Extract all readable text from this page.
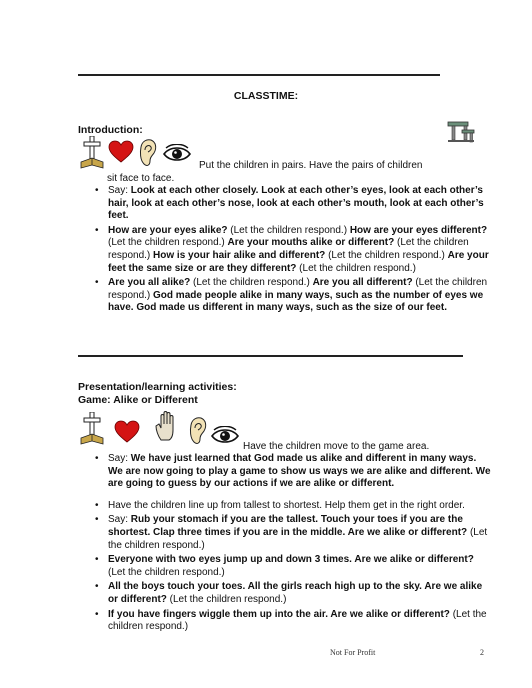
CLASSTIME:
Introduction:
Put the children in pairs. Have the pairs of children
sit face to face.
• Say: Look at each other closely. Look at each other’s eyes, look at each other’s hair, look at each other’s nose, look at each other’s mouth, look at each other’s feet.
• How are your eyes alike? (Let the children respond.) How are your eyes different? (Let the children respond.) Are your mouths alike or different? (Let the children respond.) How is your hair alike and different? (Let the children respond.) Are your feet the same size or are they different? (Let the children respond.)
• Are you all alike? (Let the children respond.) Are you all different? (Let the children respond.) God made people alike in many ways, such as the number of eyes we have. God made us different in many ways, such as the size of our feet.
Presentation/learning activities:
Game: Alike or Different
Have the children move to the game area.
• Say: We have just learned that God made us alike and different in many ways. We are now going to play a game to show us ways we are alike and different. We are going to guess by our actions if we are alike or different.
• Have the children line up from tallest to shortest. Help them get in the right order.
• Say: Rub your stomach if you are the tallest. Touch your toes if you are the shortest. Clap three times if you are in the middle. Are we alike or different? (Let the children respond.)
• Everyone with two eyes jump up and down 3 times. Are we alike or different? (Let the children respond.)
• All the boys touch your toes. All the girls reach high up to the sky. Are we alike or different? (Let the children respond.)
• If you have fingers wiggle them up into the air. Are we alike or different? (Let the children respond.)
Not For Profit	2
